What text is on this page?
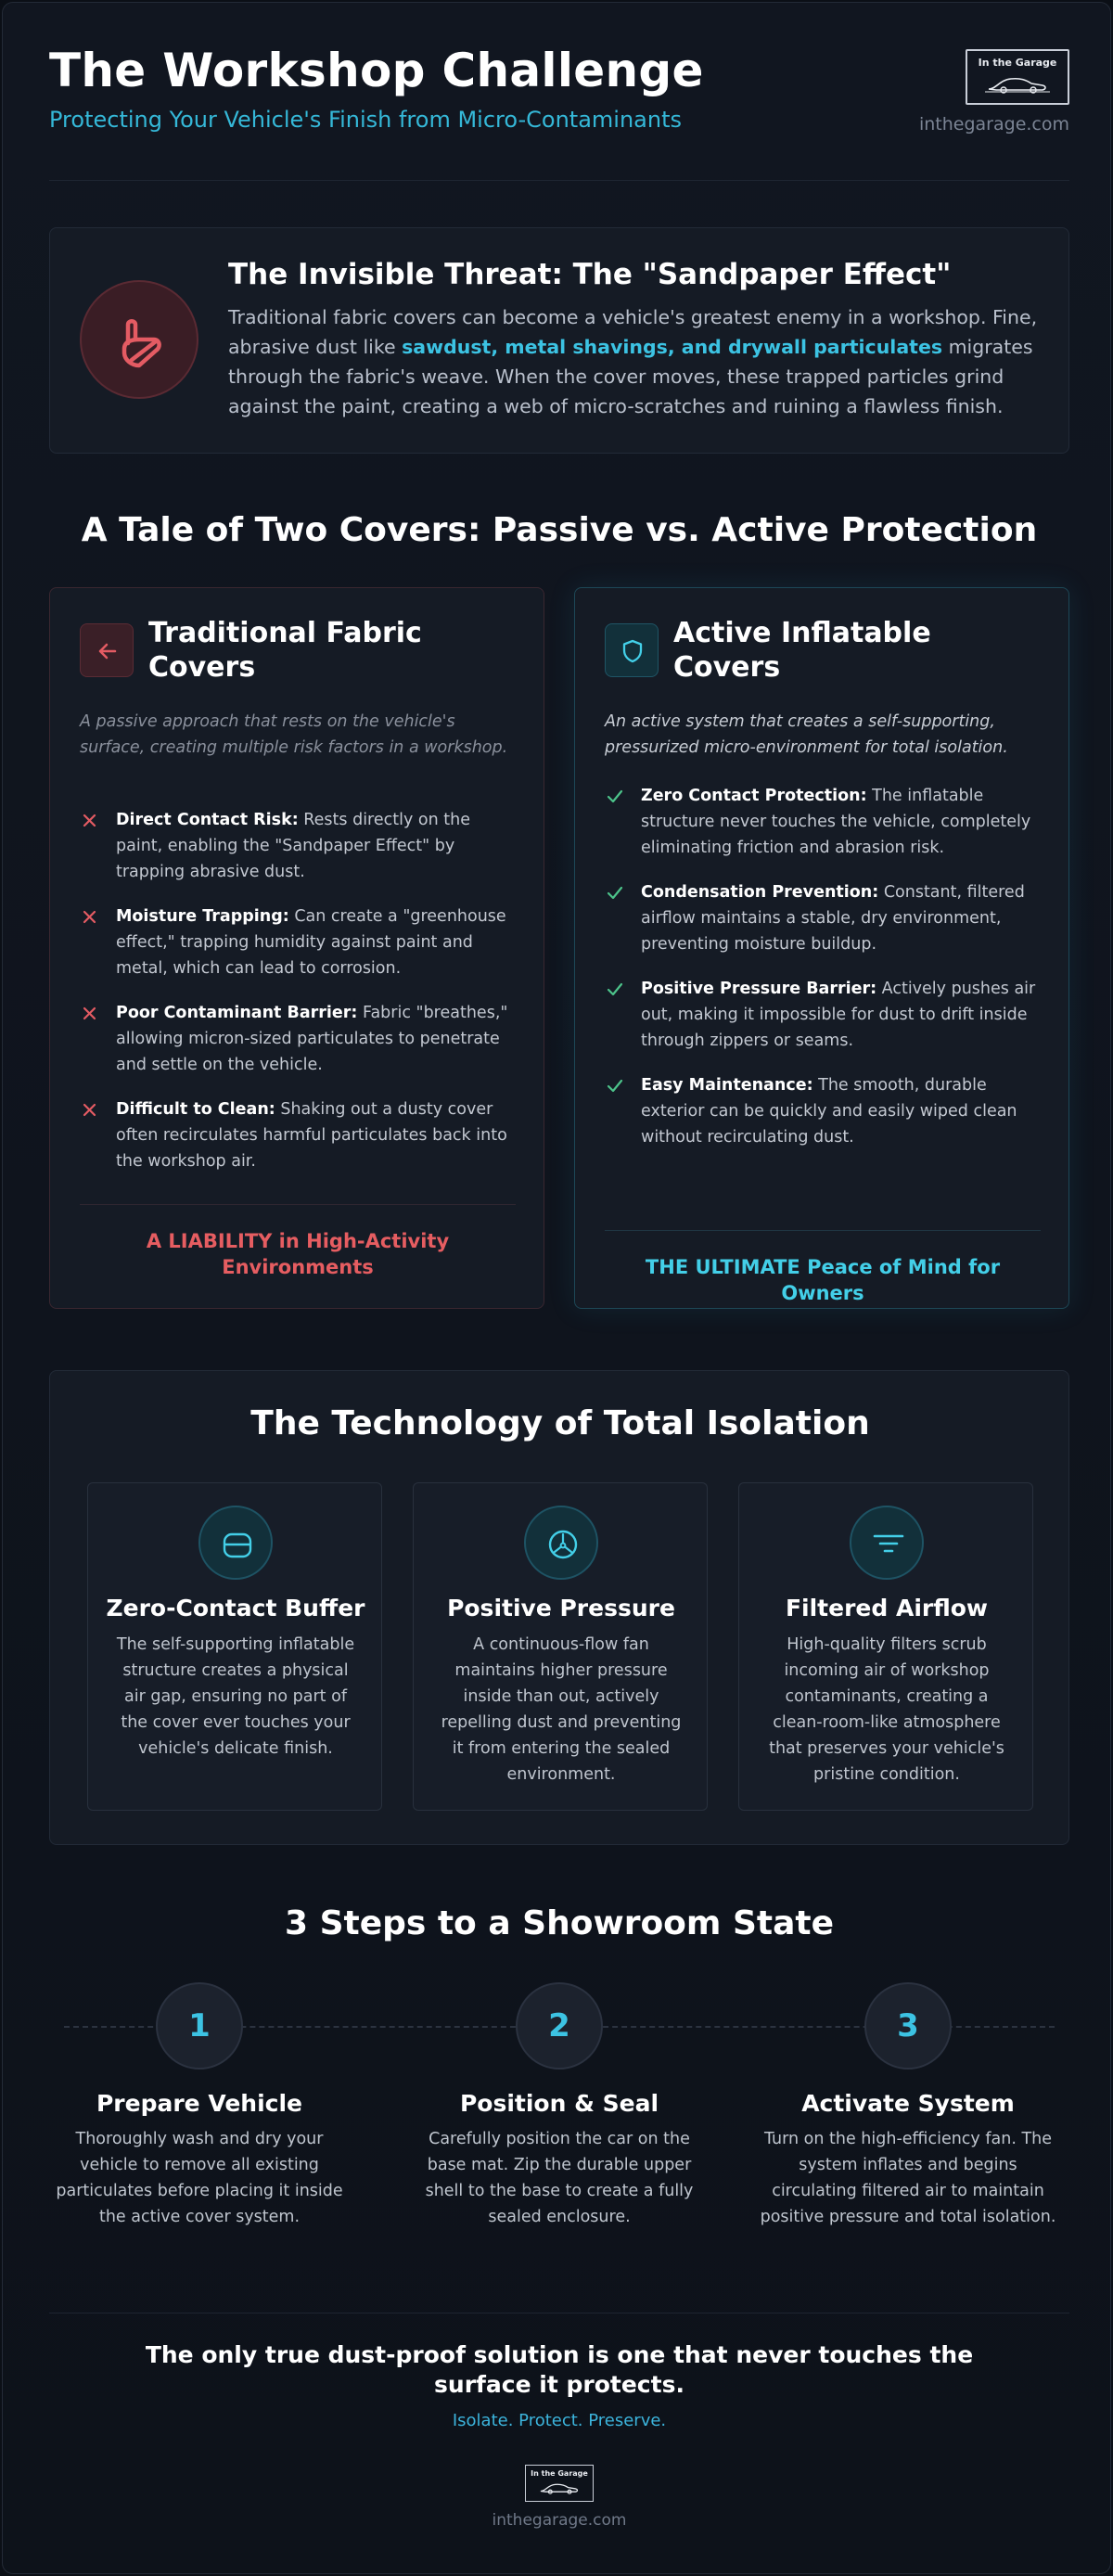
The Workshop Challenge
Protecting Your Vehicle's Finish from Micro-Contaminants
In the Garage
inthegarage.com
The Invisible Threat: The "Sandpaper Effect"

Traditional fabric covers can become a vehicle's greatest enemy in a workshop. Fine, abrasive dust like sawdust, metal shavings, and drywall particulates migrates through the fabric's weave. When the cover moves, these trapped particles grind against the paint, creating a web of micro-scratches and ruining a flawless finish.

A Tale of Two Covers: Passive vs. Active Protection
Traditional Fabric Covers
A passive approach that rests on the vehicle's surface, creating multiple risk factors in a workshop.
Direct Contact Risk: Rests directly on the paint, enabling the "Sandpaper Effect" by trapping abrasive dust.
Moisture Trapping: Can create a "greenhouse effect," trapping humidity against paint and metal, which can lead to corrosion.
Poor Contaminant Barrier: Fabric "breathes," allowing micron-sized particulates to penetrate and settle on the vehicle.
Difficult to Clean: Shaking out a dusty cover often recirculates harmful particulates back into the workshop air.
A LIABILITY in High-Activity Environments
Active Inflatable Covers
An active system that creates a self-supporting, pressurized micro-environment for total isolation.
Zero Contact Protection: The inflatable structure never touches the vehicle, completely eliminating friction and abrasion risk.
Condensation Prevention: Constant, filtered airflow maintains a stable, dry environment, preventing moisture buildup.
Positive Pressure Barrier: Actively pushes air out, making it impossible for dust to drift inside through zippers or seams.
Easy Maintenance: The smooth, durable exterior can be quickly and easily wiped clean without recirculating dust.
THE ULTIMATE Peace of Mind for Owners
The Technology of Total Isolation
Zero-Contact Buffer

The self-supporting inflatable structure creates a physical air gap, ensuring no part of the cover ever touches your vehicle's delicate finish.

Positive Pressure

A continuous-flow fan maintains higher pressure inside than out, actively repelling dust and preventing it from entering the sealed environment.

Filtered Airflow

High-quality filters scrub incoming air of workshop contaminants, creating a clean-room-like atmosphere that preserves your vehicle's pristine condition.

3 Steps to a Showroom State
1
Prepare Vehicle

Thoroughly wash and dry your vehicle to remove all existing particulates before placing it inside the active cover system.

2
Position & Seal

Carefully position the car on the base mat. Zip the durable upper shell to the base to create a fully sealed enclosure.

3
Activate System

Turn on the high-efficiency fan. The system inflates and begins circulating filtered air to maintain positive pressure and total isolation.

The only true dust-proof solution is one that never touches the surface it protects.
Isolate. Protect. Preserve.
In the Garage
inthegarage.com
